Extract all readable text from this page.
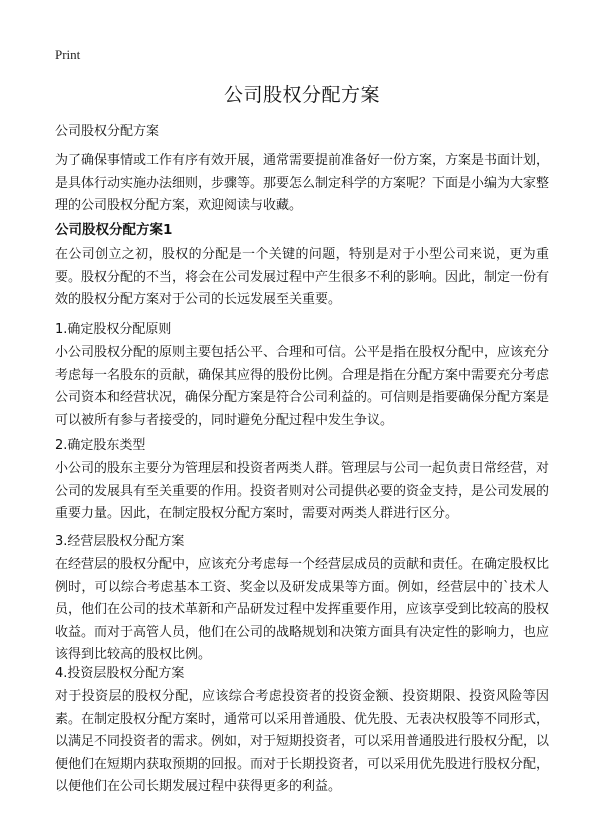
Print
公司股权分配方案
公司股权分配方案

为了确保事情或工作有序有效开展，通常需要提前准备好一份方案，方案是书面计划，是具体行动实施办法细则，步骤等。那要怎么制定科学的方案呢？下面是小编为大家整理的公司股权分配方案，欢迎阅读与收藏。

公司股权分配方案1

在公司创立之初，股权的分配是一个关键的问题，特别是对于小型公司来说，更为重要。股权分配的不当，将会在公司发展过程中产生很多不利的影响。因此，制定一份有效的股权分配方案对于公司的长远发展至关重要。

1.确定股权分配原则

小公司股权分配的原则主要包括公平、合理和可信。公平是指在股权分配中，应该充分考虑每一名股东的贡献，确保其应得的股份比例。合理是指在分配方案中需要充分考虑公司资本和经营状况，确保分配方案是符合公司利益的。可信则是指要确保分配方案是可以被所有参与者接受的，同时避免分配过程中发生争议。

2.确定股东类型

小公司的股东主要分为管理层和投资者两类人群。管理层与公司一起负责日常经营，对公司的发展具有至关重要的作用。投资者则对公司提供必要的资金支持，是公司发展的重要力量。因此，在制定股权分配方案时，需要对两类人群进行区分。

3.经营层股权分配方案

在经营层的股权分配中，应该充分考虑每一个经营层成员的贡献和责任。在确定股权比例时，可以综合考虑基本工资、奖金以及研发成果等方面。例如，经营层中的`技术人员，他们在公司的技术革新和产品研发过程中发挥重要作用，应该享受到比较高的股权收益。而对于高管人员，他们在公司的战略规划和决策方面具有决定性的影响力，也应该得到比较高的股权比例。

4.投资层股权分配方案

对于投资层的股权分配，应该综合考虑投资者的投资金额、投资期限、投资风险等因素。在制定股权分配方案时，通常可以采用普通股、优先股、无表决权股等不同形式，以满足不同投资者的需求。例如，对于短期投资者，可以采用普通股进行股权分配，以便他们在短期内获取预期的回报。而对于长期投资者，可以采用优先股进行股权分配，以便他们在公司长期发展过程中获得更多的利益。
